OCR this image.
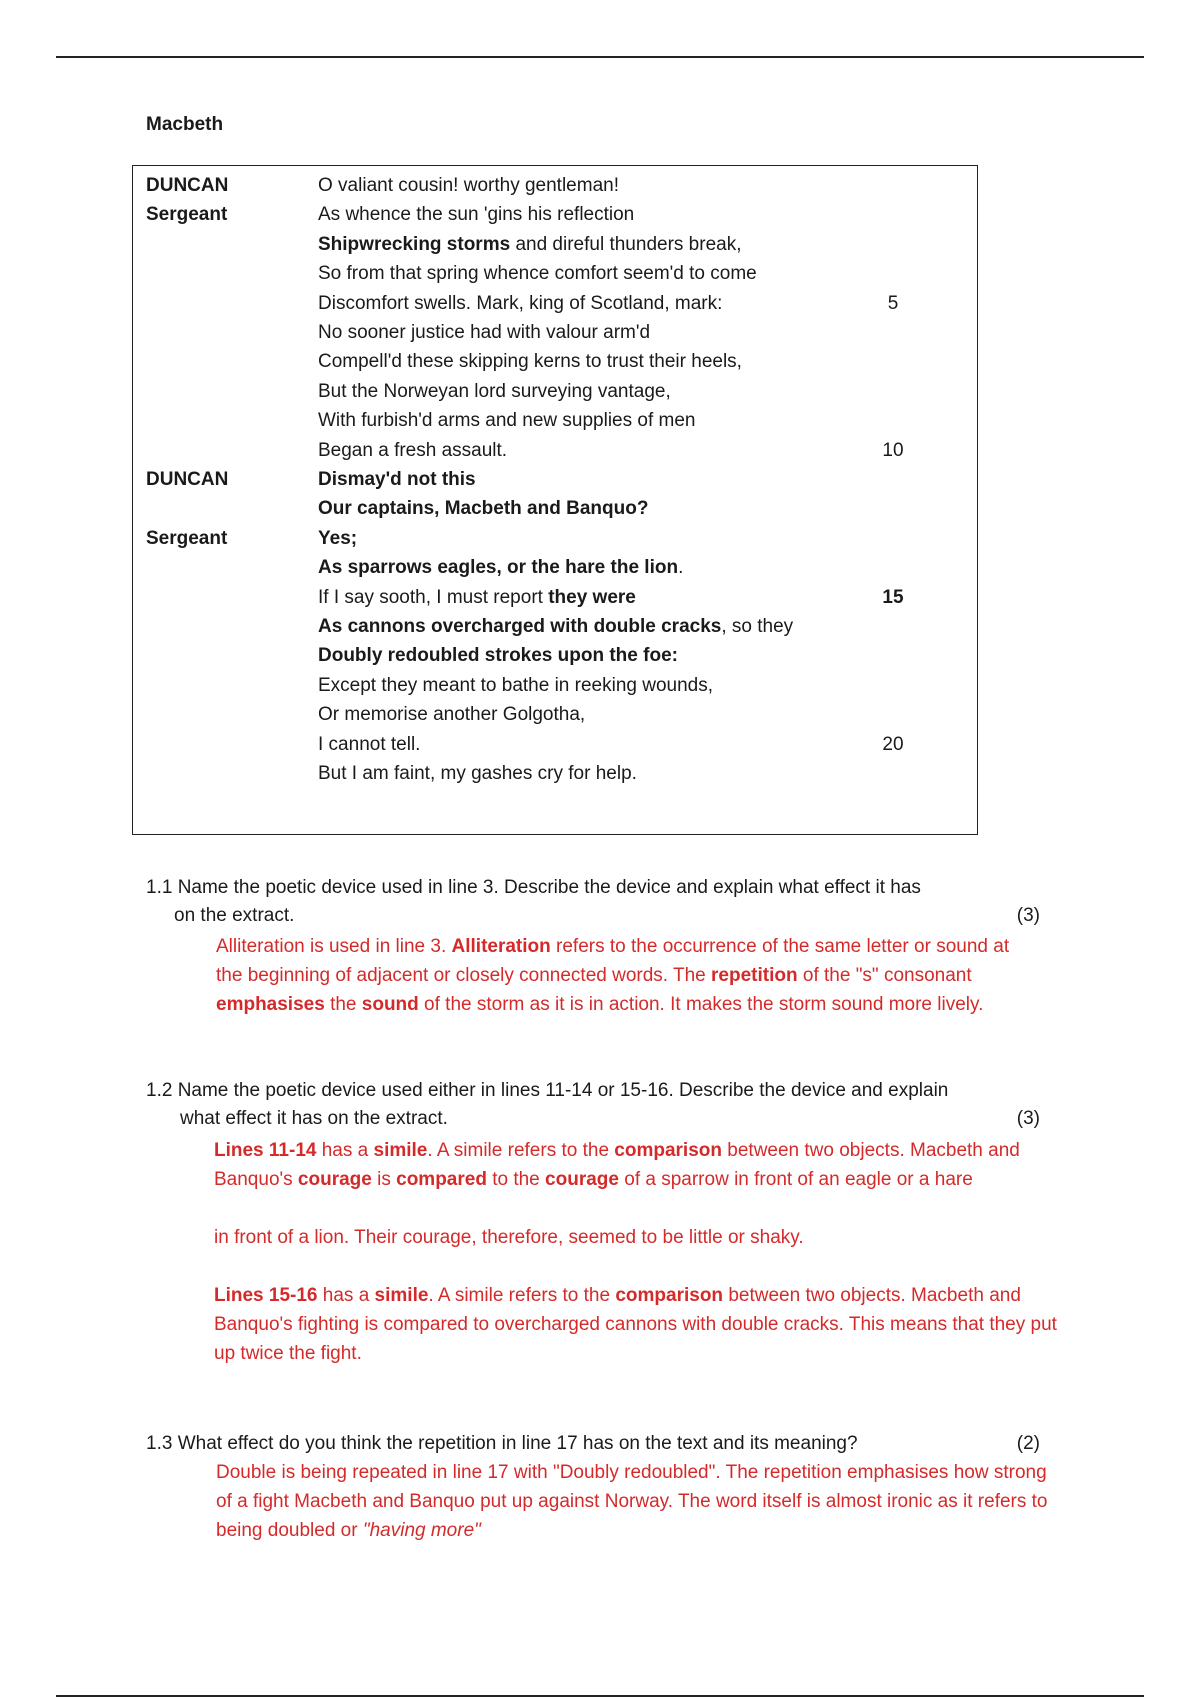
Macbeth
DUNCAN	O valiant cousin! worthy gentleman!
Sergeant	As whence the sun 'gins his reflection
Shipwrecking storms and direful thunders break,
So from that spring whence comfort seem'd to come
Discomfort swells. Mark, king of Scotland, mark:	5
No sooner justice had with valour arm'd
Compell'd these skipping kerns to trust their heels,
But the Norweyan lord surveying vantage,
With furbish'd arms and new supplies of men
Began a fresh assault.	10
DUNCAN	Dismay'd not this
Our captains, Macbeth and Banquo?
Sergeant	Yes;
As sparrows eagles, or the hare the lion.
If I say sooth, I must report they were	15
As cannons overcharged with double cracks, so they
Doubly redoubled strokes upon the foe:
Except they meant to bathe in reeking wounds,
Or memorise another Golgotha,
I cannot tell.	20
But I am faint, my gashes cry for help.
1.1 Name the poetic device used in line 3. Describe the device and explain what effect it has
on the extract.	(3)

Alliteration is used in line 3. Alliteration refers to the occurrence of the same letter or sound at the beginning of adjacent or closely connected words. The repetition of the "s" consonant emphasises the sound of the storm as it is in action. It makes the storm sound more lively.

1.2 Name the poetic device used either in lines 11-14 or 15-16. Describe the device and explain
what effect it has on the extract.	(3)

Lines 11-14 has a simile. A simile refers to the comparison between two objects. Macbeth and Banquo's courage is compared to the courage of a sparrow in front of an eagle or a hare

in front of a lion. Their courage, therefore, seemed to be little or shaky.

Lines 15-16 has a simile. A simile refers to the comparison between two objects. Macbeth and Banquo's fighting is compared to overcharged cannons with double cracks. This means that they put up twice the fight.

1.3 What effect do you think the repetition in line 17 has on the text and its meaning?	(2)

Double is being repeated in line 17 with "Doubly redoubled". The repetition emphasises how strong of a fight Macbeth and Banquo put up against Norway. The word itself is almost ironic as it refers to being doubled or "having more"
